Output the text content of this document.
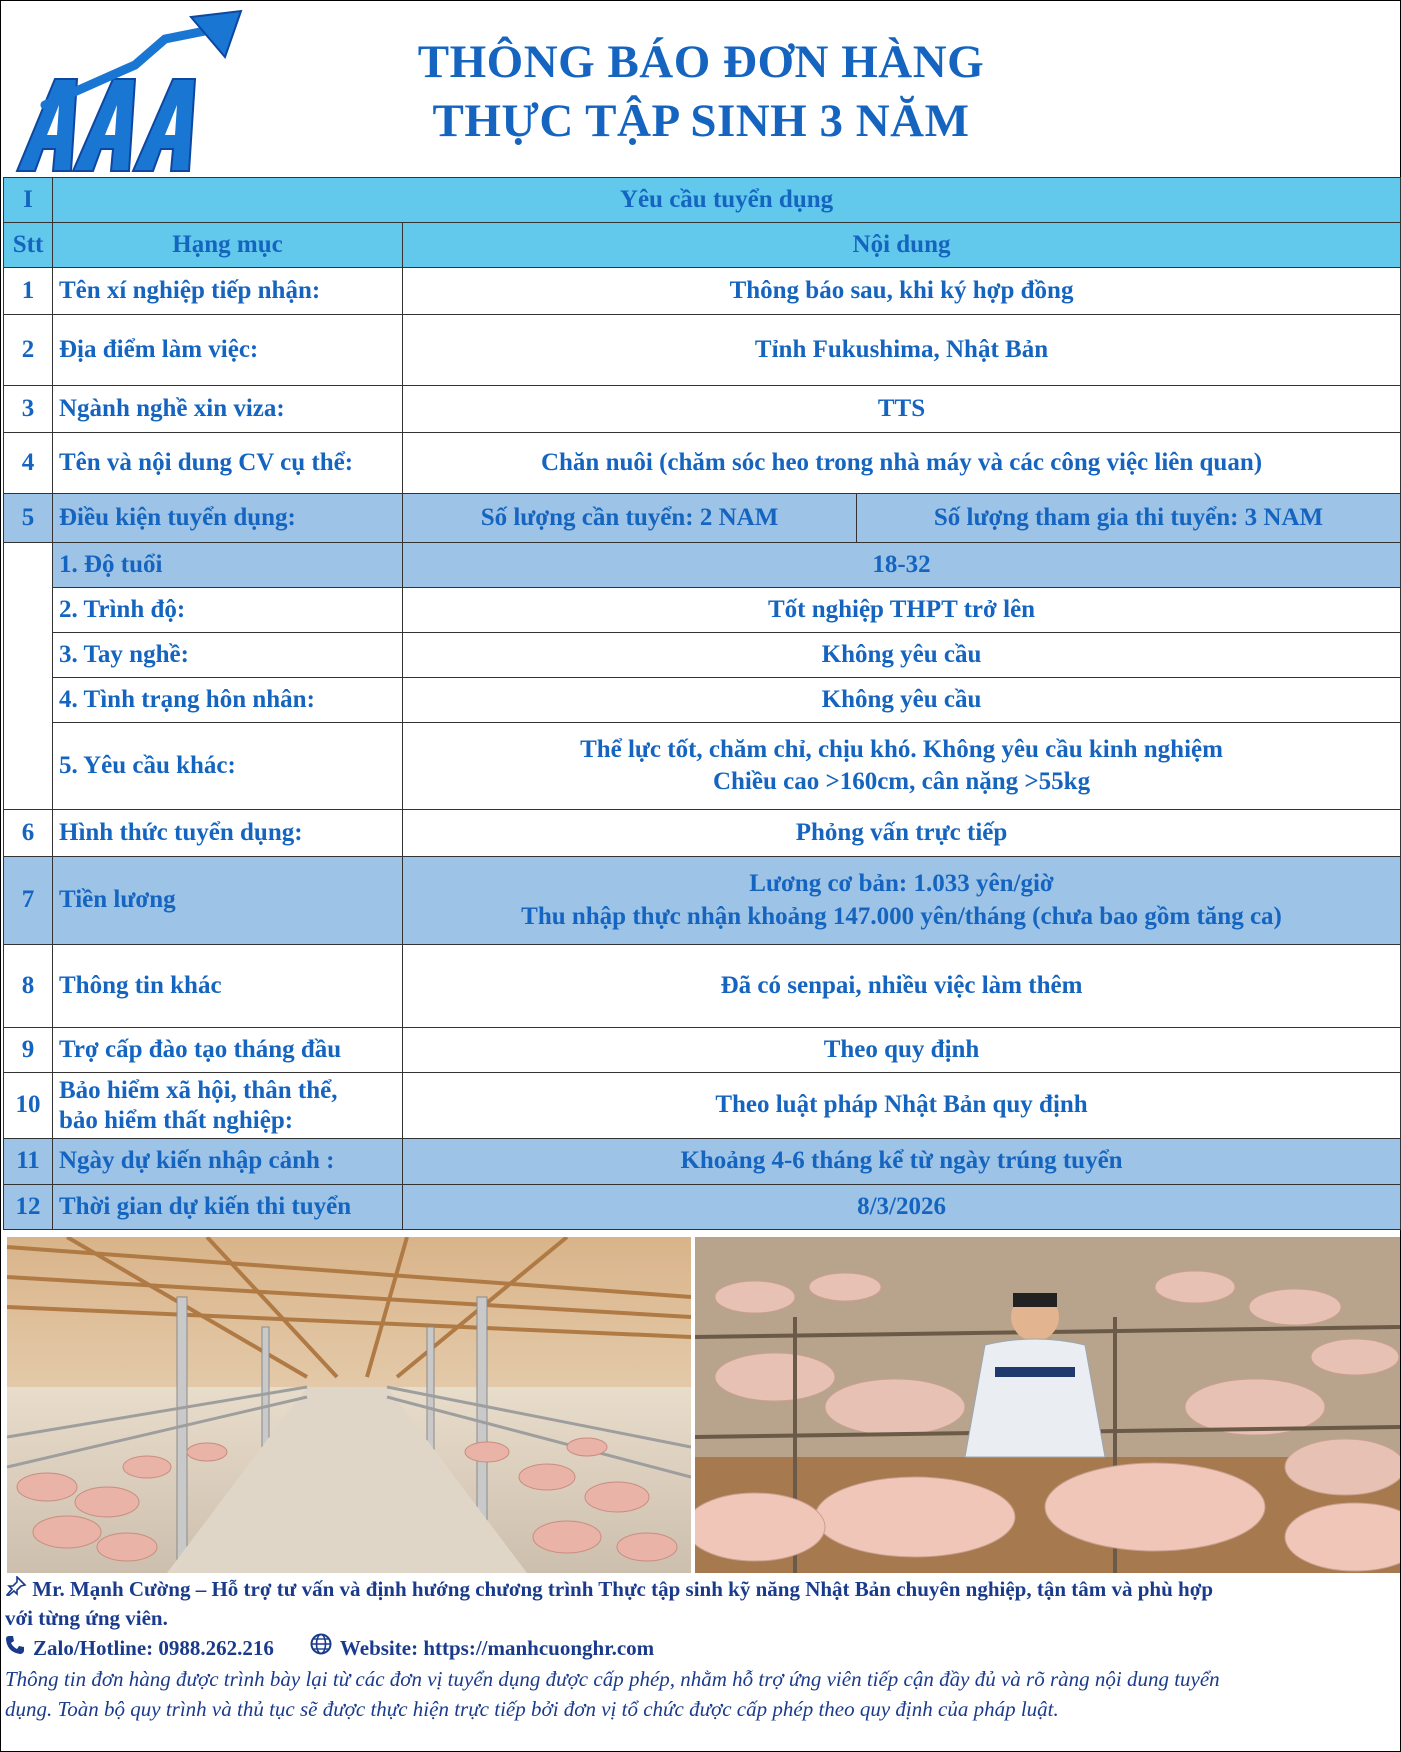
THÔNG BÁO ĐƠN HÀNG
THỰC TẬP SINH 3 NĂM
I	Yêu cầu tuyển dụng		
Stt	Hạng mục	Nội dung	
1	Tên xí nghiệp tiếp nhận:	Thông báo sau, khi ký hợp đồng	
2	Địa điểm làm việc:	Tỉnh Fukushima, Nhật Bản	
3	Ngành nghề xin viza:	TTS	
4	Tên và nội dung CV cụ thể:	Chăn nuôi (chăm sóc heo trong nhà máy và các công việc liên quan)	
5	Điều kiện tuyển dụng:	Số lượng cần tuyển: 2 NAM	Số lượng tham gia thi tuyển: 3 NAM
	1. Độ tuổi	18-32	
	2. Trình độ:	Tốt nghiệp THPT trở lên	
	3. Tay nghề:	Không yêu cầu	
	4. Tình trạng hôn nhân:	Không yêu cầu	
	5. Yêu cầu khác:	Thể lực tốt, chăm chỉ, chịu khó. Không yêu cầu kinh nghiệm
Chiều cao >160cm, cân nặng >55kg	

6	Hình thức tuyển dụng:	Phỏng vấn trực tiếp	
7	Tiền lương	Lương cơ bản: 1.033 yên/giờ
Thu nhập thực nhận khoảng 147.000 yên/tháng (chưa bao gồm tăng ca)	

8	Thông tin khác	Đã có senpai, nhiều việc làm thêm	
9	Trợ cấp đào tạo tháng đầu	Theo quy định	
10	Bảo hiểm xã hội, thân thể,
bảo hiểm thất nghiệp:	Theo luật pháp Nhật Bản quy định	
11	Ngày dự kiến nhập cảnh :	Khoảng 4-6 tháng kể từ ngày trúng tuyển	
12	Thời gian dự kiến thi tuyển	8/3/2026	
Mr. Mạnh Cường – Hỗ trợ tư vấn và định hướng chương trình Thực tập sinh kỹ năng Nhật Bản chuyên nghiệp, tận tâm và phù hợp
với từng ứng viên.
Zalo/Hotline: 0988.262.216	Website: https://manhcuonghr.com
Thông tin đơn hàng được trình bày lại từ các đơn vị tuyển dụng được cấp phép, nhằm hỗ trợ ứng viên tiếp cận đầy đủ và rõ ràng nội dung tuyển
dụng. Toàn bộ quy trình và thủ tục sẽ được thực hiện trực tiếp bởi đơn vị tổ chức được cấp phép theo quy định của pháp luật.
